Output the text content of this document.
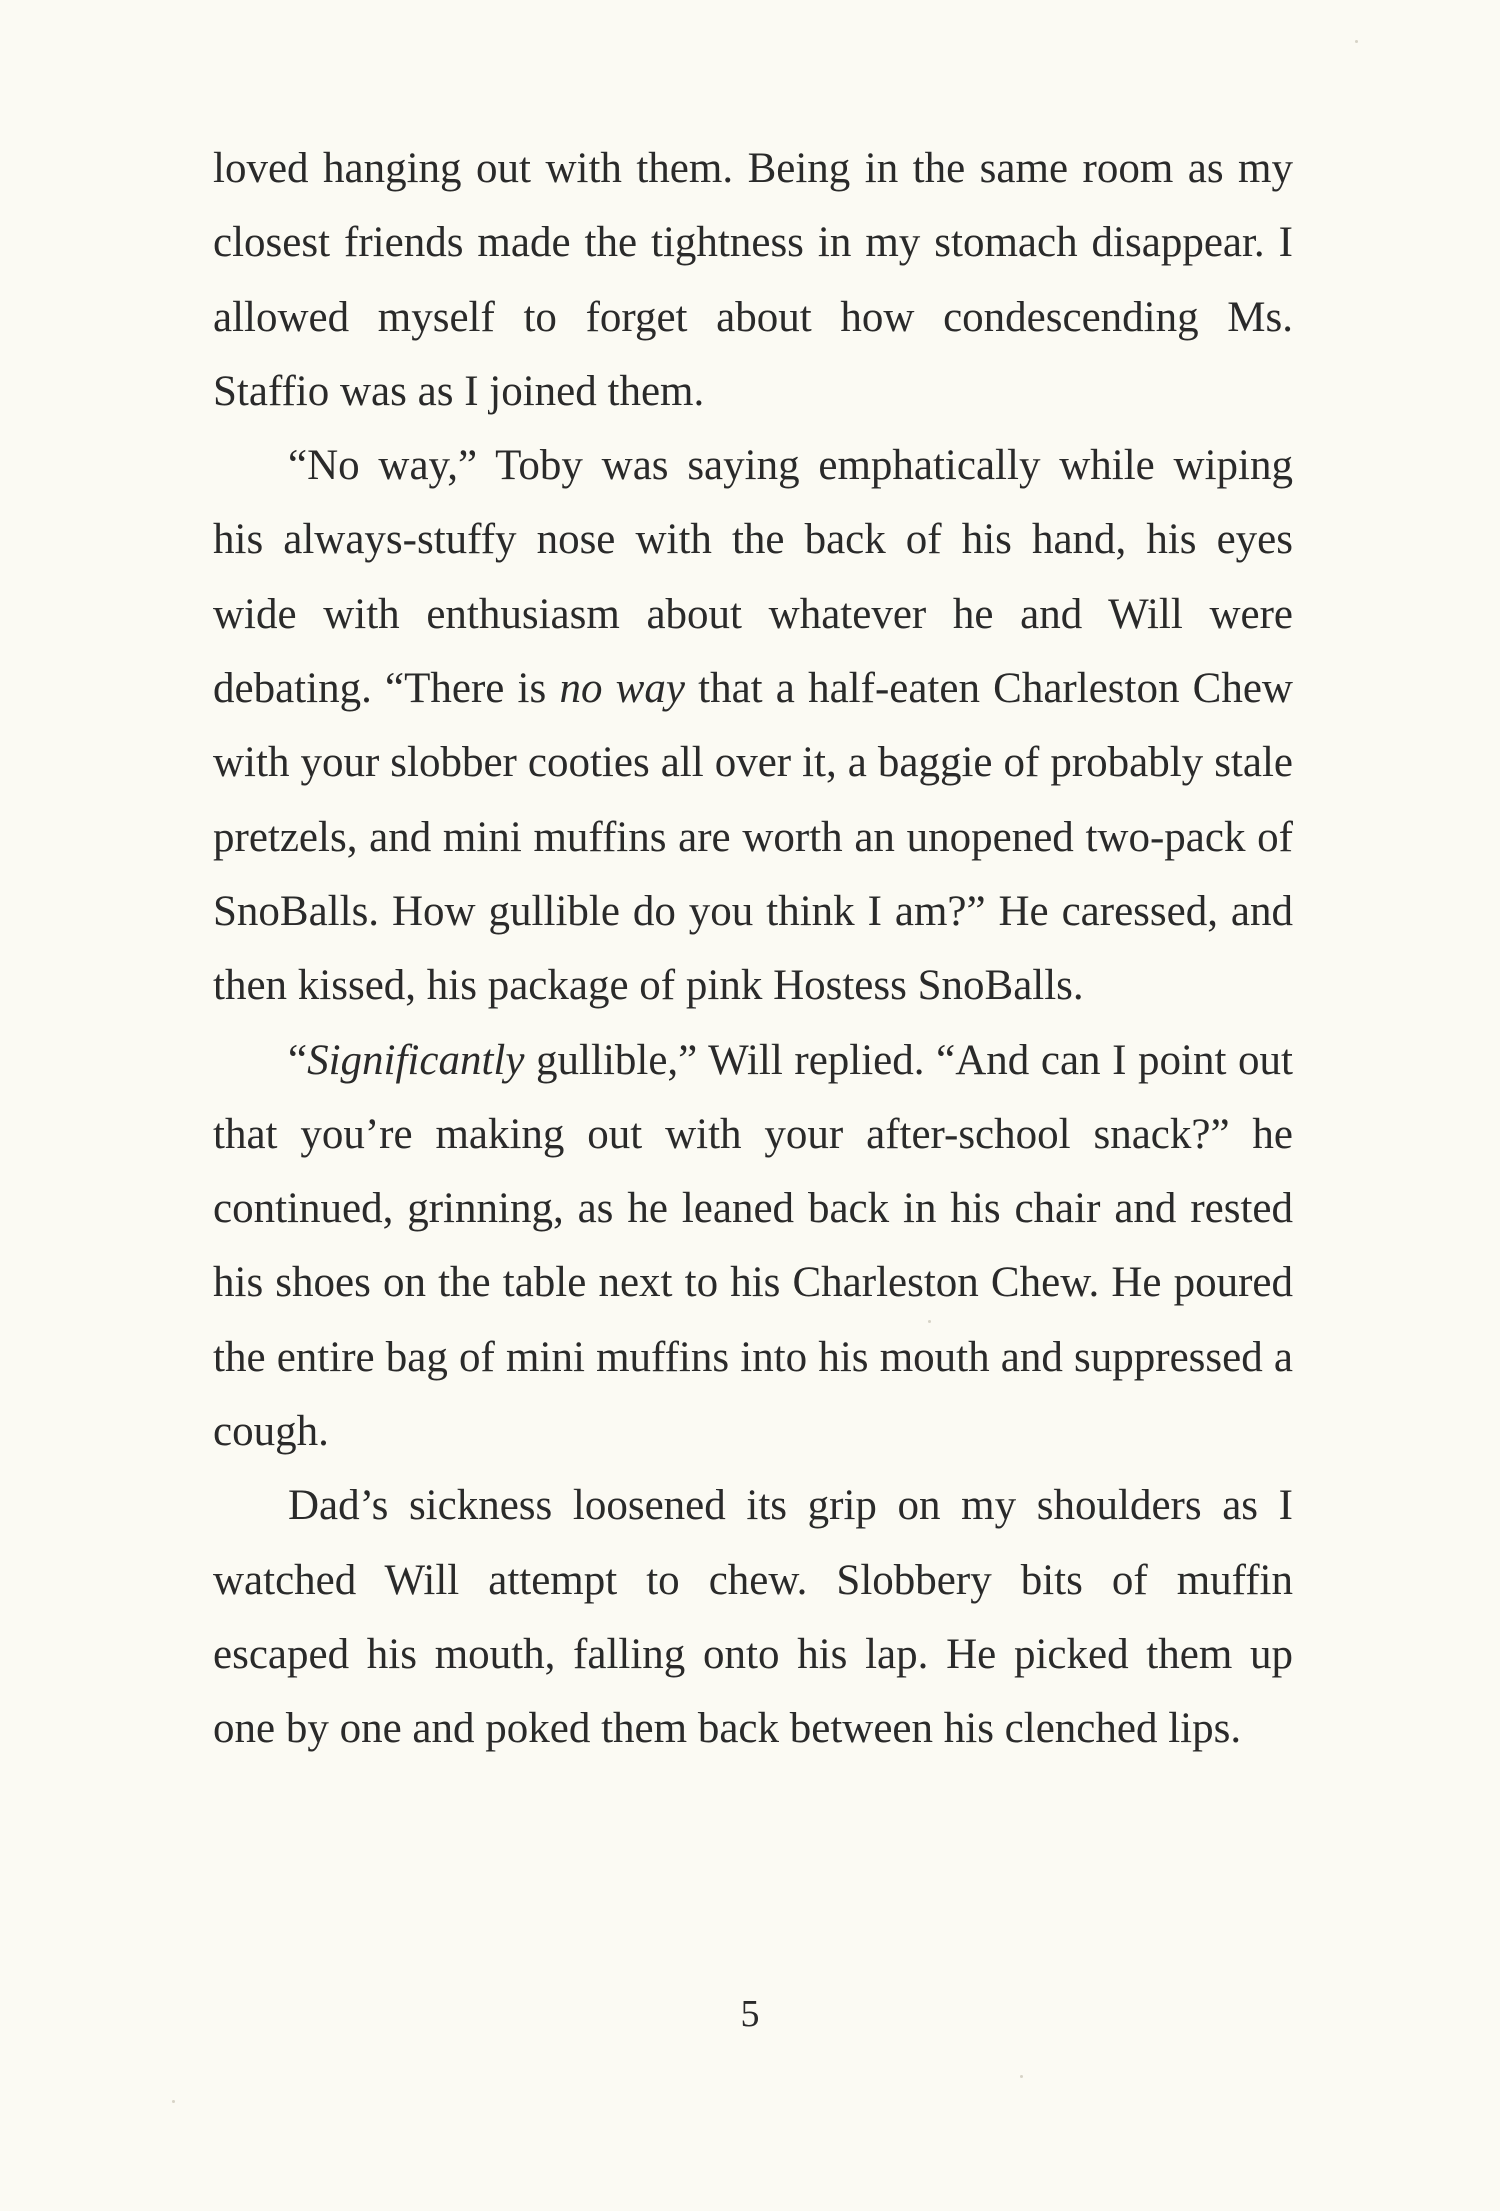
loved hanging out with them. Being in the same room as my closest friends made the tightness in my stomach disappear. I allowed myself to forget about how condescending Ms. Staffio was as I joined them.

“No way,” Toby was saying emphatically while wiping his always-stuffy nose with the back of his hand, his eyes wide with enthusiasm about whatever he and Will were debating. “There is no way that a half-eaten Charleston Chew with your slobber cooties all over it, a baggie of probably stale pretzels, and mini muffins are worth an unopened two-pack of SnoBalls. How gullible do you think I am?” He caressed, and then kissed, his package of pink Hostess SnoBalls.

“Significantly gullible,” Will replied. “And can I point out that you’re making out with your after-school snack?” he continued, grinning, as he leaned back in his chair and rested his shoes on the table next to his Charleston Chew. He poured the entire bag of mini muffins into his mouth and suppressed a cough.

Dad’s sickness loosened its grip on my shoulders as I watched Will attempt to chew. Slobbery bits of muffin escaped his mouth, falling onto his lap. He picked them up one by one and poked them back between his clenched lips.

5
